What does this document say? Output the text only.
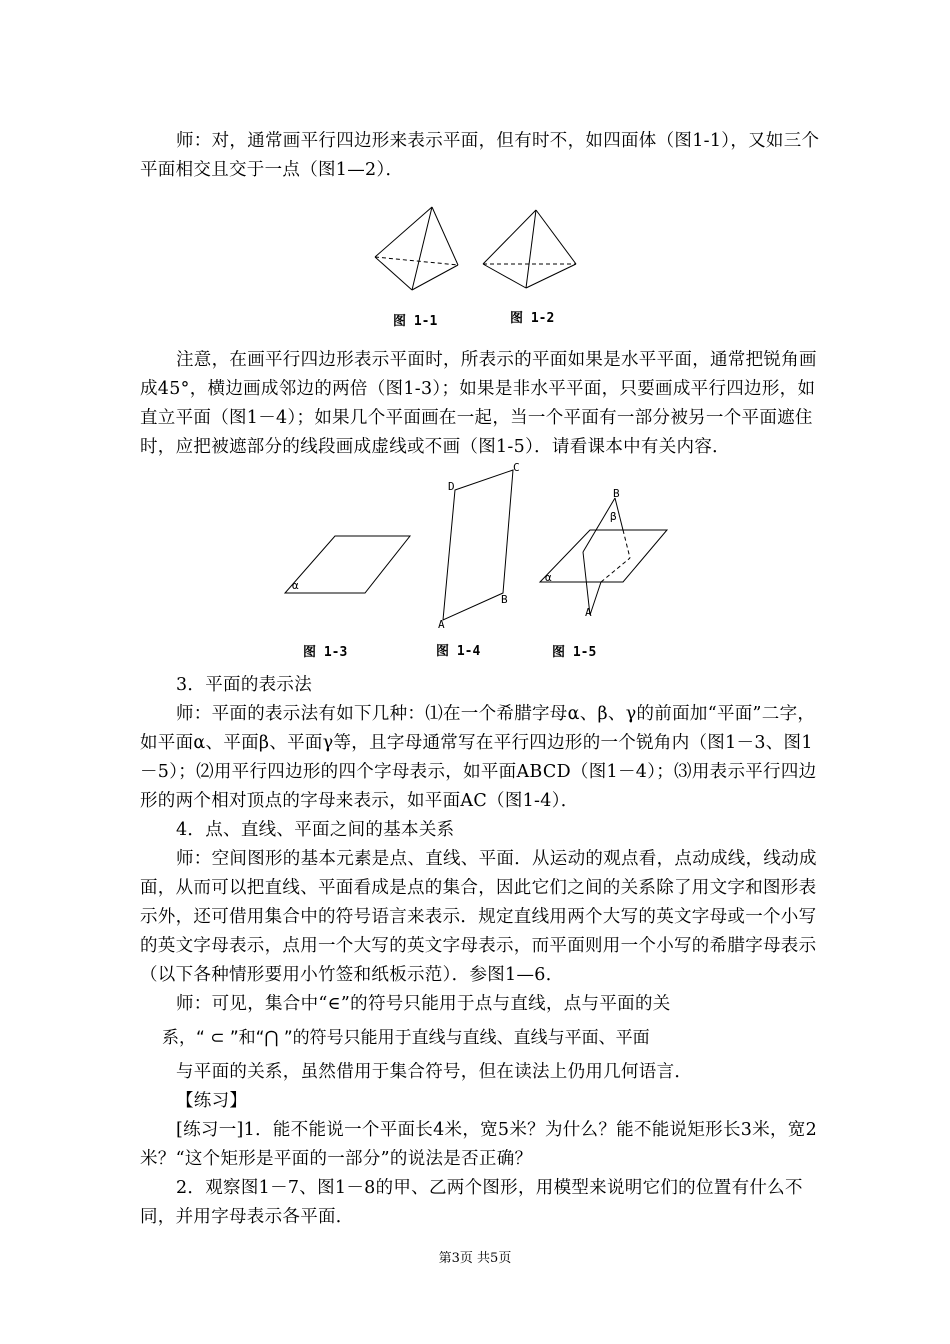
师：对，通常画平行四边形来表示平面，但有时不，如四面体（图1-1），又如三个平面相交且交于一点（图1—2）．

图 1-1	图 1-2

注意，在画平行四边形表示平面时，所表示的平面如果是水平平面，通常把锐角画成45°，横边画成邻边的两倍（图1-3）；如果是非水平平面，只要画成平行四边形，如直立平面（图1－4）；如果几个平面画在一起，当一个平面有一部分被另一个平面遮住时，应把被遮部分的线段画成虚线或不画（图1-5）．请看课本中有关内容．

α
图 1-3
D
C
B
A
图 1-4
B
β
α
A
图 1-5

3．平面的表示法

师：平面的表示法有如下几种：⑴在一个希腊字母α、β、γ的前面加“平面”二字，如平面α、平面β、平面γ等，且字母通常写在平行四边形的一个锐角内（图1－3、图1－5）；⑵用平行四边形的四个字母表示，如平面ABCD（图1－4）；⑶用表示平行四边形的两个相对顶点的字母来表示，如平面AC（图1-4）．

4．点、直线、平面之间的基本关系

师：空间图形的基本元素是点、直线、平面．从运动的观点看，点动成线，线动成面，从而可以把直线、平面看成是点的集合，因此它们之间的关系除了用文字和图形表示外，还可借用集合中的符号语言来表示．规定直线用两个大写的英文字母或一个小写的英文字母表示，点用一个大写的英文字母表示，而平面则用一个小写的希腊字母表示（以下各种情形要用小竹签和纸板示范）．参图1—6．

师：可见，集合中“∈”的符号只能用于点与直线，点与平面的关

系，“ ⊂ ”和“⋂ ”的符号只能用于直线与直线、直线与平面、平面

与平面的关系，虽然借用于集合符号，但在读法上仍用几何语言．

【练习】

[练习一]1．能不能说一个平面长4米，宽5米？为什么？能不能说矩形长3米，宽2米？“这个矩形是平面的一部分”的说法是否正确？

2．观察图1－7、图1－8的甲、乙两个图形，用模型来说明它们的位置有什么不同，并用字母表示各平面．

第3页 共5页
